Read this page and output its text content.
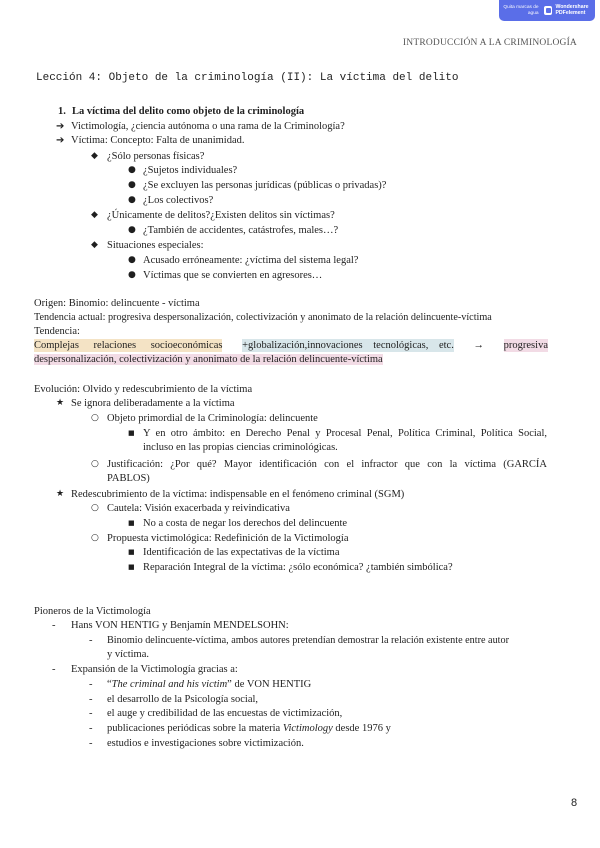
Quita marcas de agua
Wondershare PDFelement
INTRODUCCIÓN A LA CRIMINOLOGÍA
Lección 4: Objeto de la criminología (II): La víctima del delito
1. La víctima del delito como objeto de la criminología
➔ Victimología, ¿ciencia autónoma o una rama de la Criminología?
➔ Víctima: Concepto: Falta de unanimidad.
◆ ¿Sólo personas físicas?
● ¿Sujetos individuales?
● ¿Se excluyen las personas jurídicas (públicas o privadas)?
● ¿Los colectivos?
◆ ¿Únicamente de delitos?¿Existen delitos sin víctimas?
● ¿También de accidentes, catástrofes, males…?
◆ Situaciones especiales:
● Acusado erróneamente: ¿víctima del sistema legal?
● Víctimas que se convierten en agresores…
Origen: Binomio: delincuente - víctima
Tendencia actual: progresiva despersonalización, colectivización y anonimato de la relación delincuente-víctima
Tendencia:
Complejas relaciones socioeconómicas +globalización,innovaciones tecnológicas, etc. → progresiva
despersonalización, colectivización y anonimato de la relación delincuente-víctima
Evolución: Olvido y redescubrimiento de la víctima
★ Se ignora deliberadamente a la víctima
○ Objeto primordial de la Criminología: delincuente
■ Y en otro ámbito: en Derecho Penal y Procesal Penal, Política Criminal, Política Social,
incluso en las propias ciencias criminológicas.
○ Justificación: ¿Por qué? Mayor identificación con el infractor que con la víctima (GARCÍA
PABLOS)
★ Redescubrimiento de la víctima: indispensable en el fenómeno criminal (SGM)
○ Cautela: Visión exacerbada y reivindicativa
■ No a costa de negar los derechos del delincuente
○ Propuesta victimológica: Redefinición de la Victimología
■ Identificación de las expectativas de la víctima
■ Reparación Integral de la víctima: ¿sólo económica? ¿también simbólica?
Pioneros de la Victimología
- Hans VON HENTIG y Benjamín MENDELSOHN:
- Binomio delincuente-víctima, ambos autores pretendían demostrar la relación existente entre autor
y víctima.
- Expansión de la Victimología gracias a:
- “The criminal and his victim” de VON HENTIG
- el desarrollo de la Psicología social,
- el auge y credibilidad de las encuestas de victimización,
- publicaciones periódicas sobre la materia Victimology desde 1976 y
- estudios e investigaciones sobre victimización.
8
